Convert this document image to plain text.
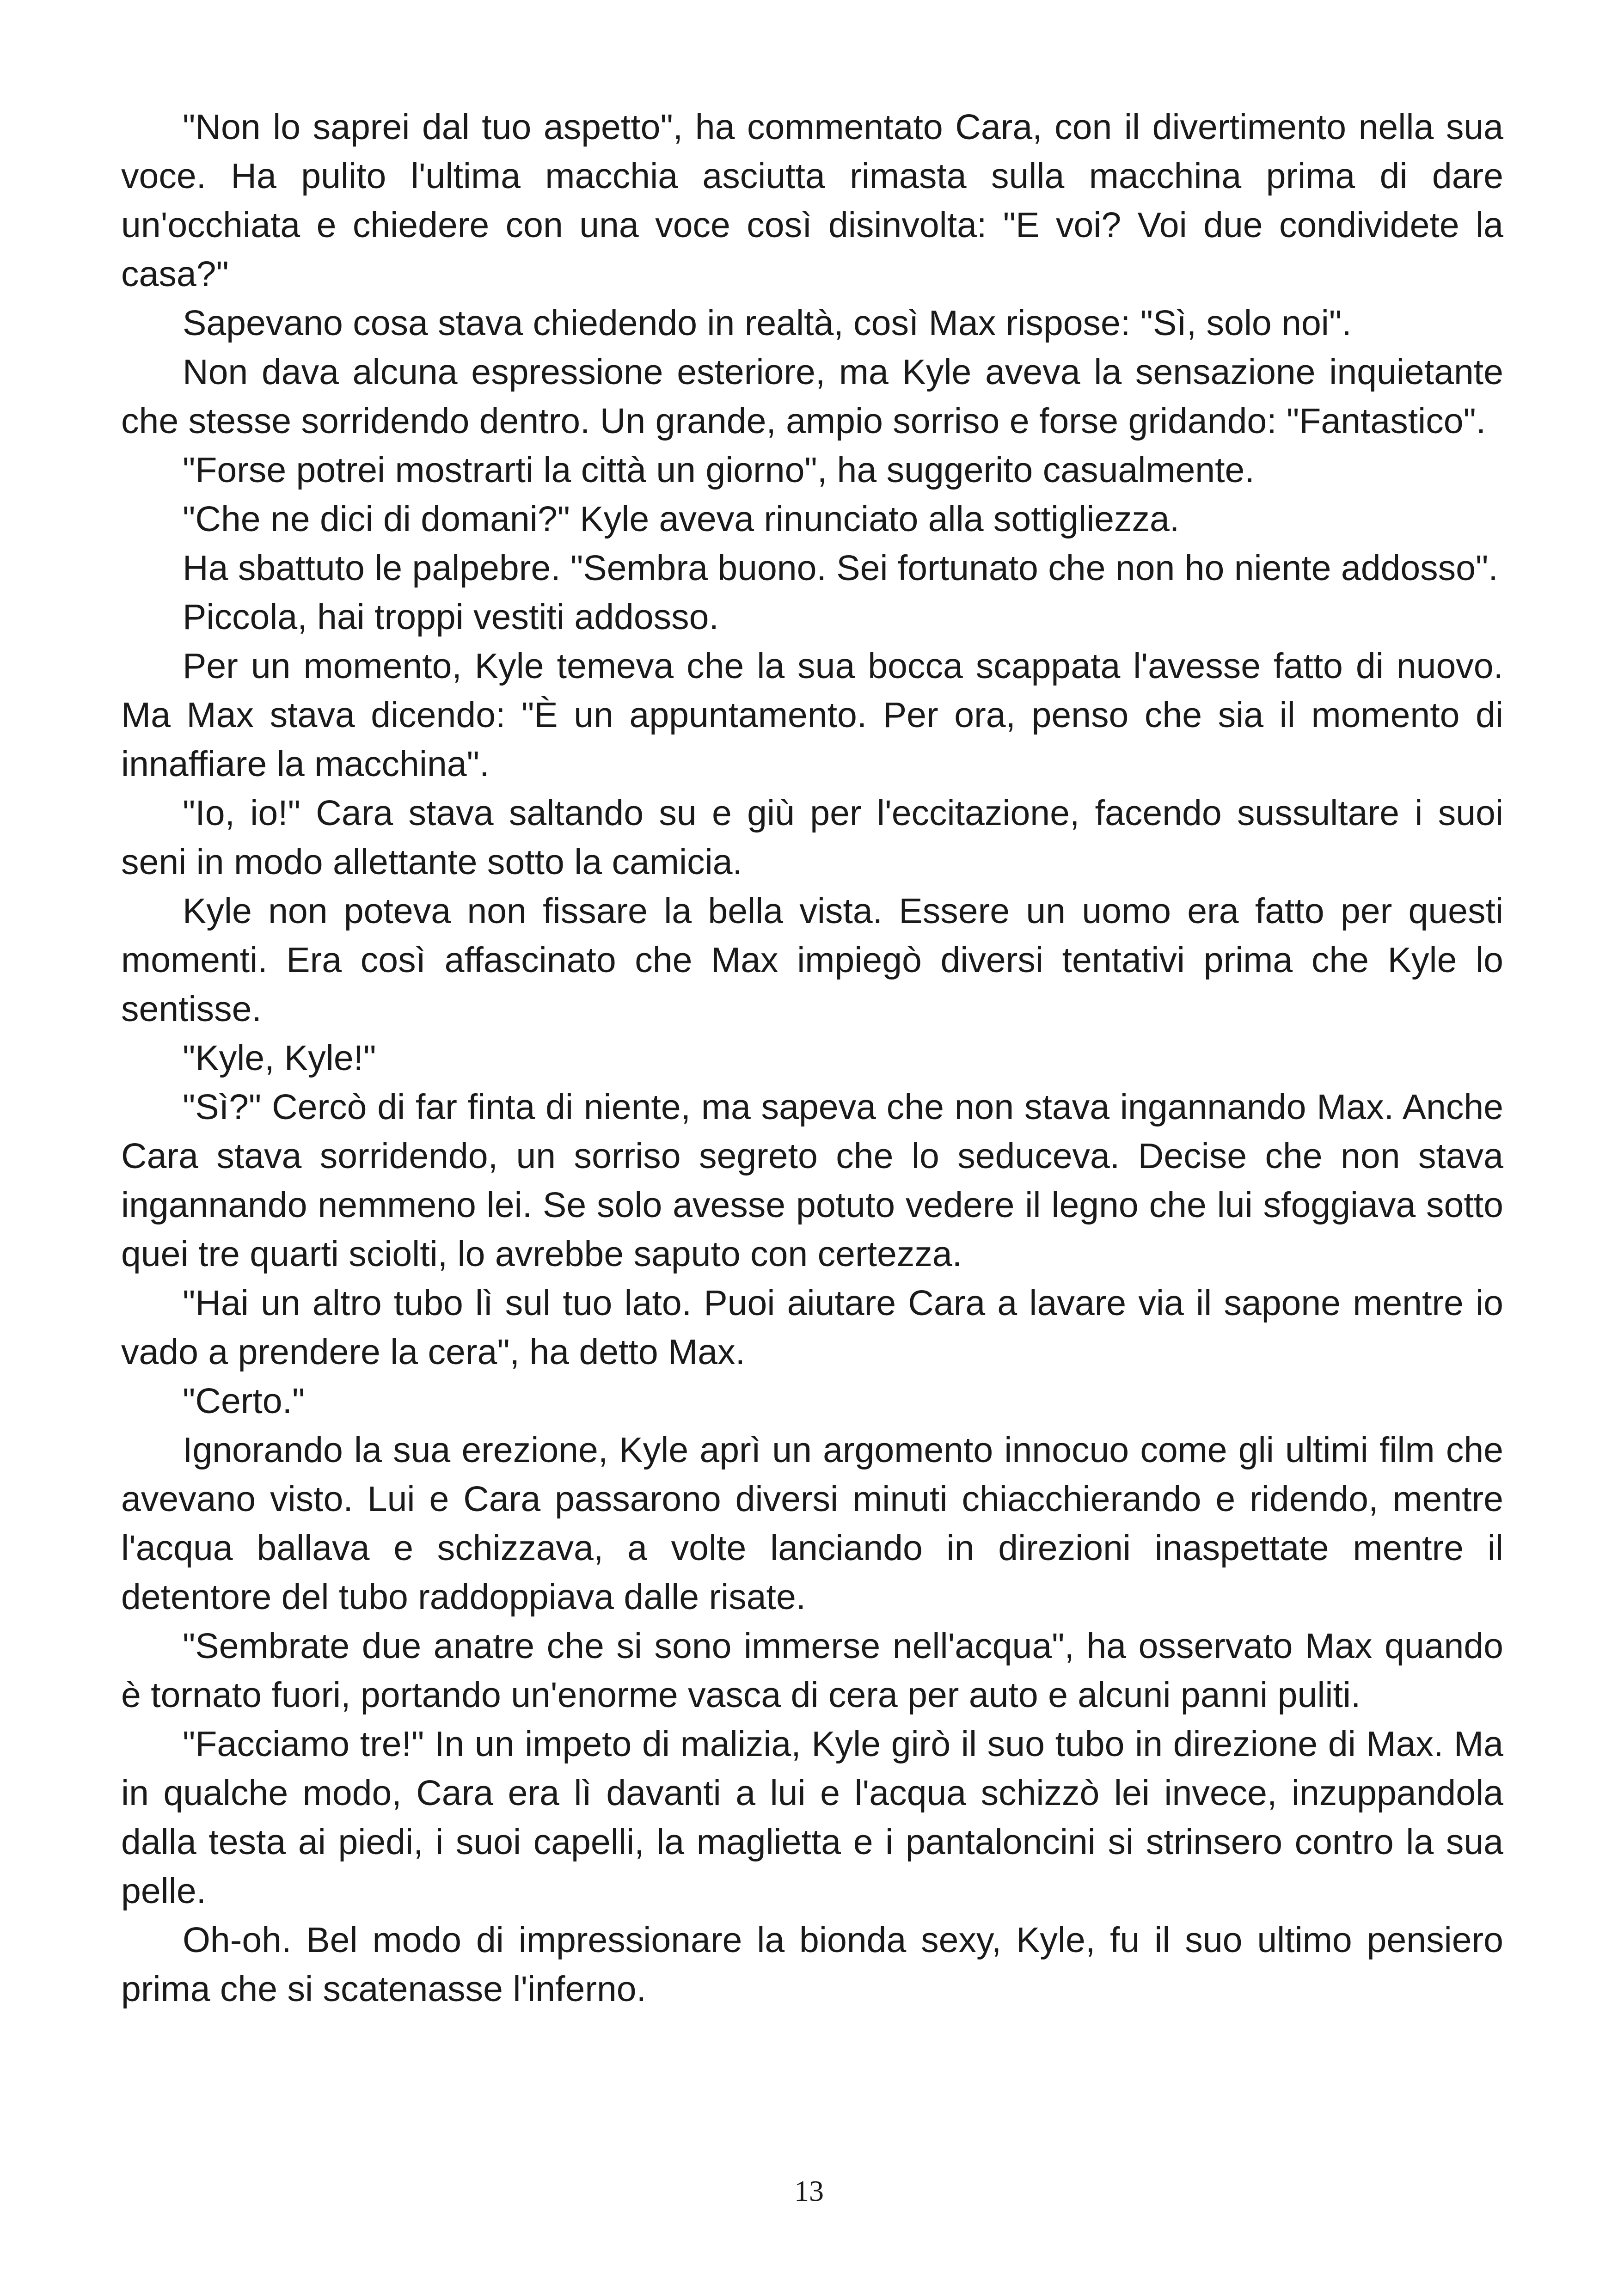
"Non lo saprei dal tuo aspetto", ha commentato Cara, con il divertimento nella sua voce. Ha pulito l'ultima macchia asciutta rimasta sulla macchina prima di dare un'occhiata e chiedere con una voce così disinvolta: "E voi? Voi due condividete la casa?"

Sapevano cosa stava chiedendo in realtà, così Max rispose: "Sì, solo noi".

Non dava alcuna espressione esteriore, ma Kyle aveva la sensazione inquietante che stesse sorridendo dentro. Un grande, ampio sorriso e forse gridando: "Fantastico".

"Forse potrei mostrarti la città un giorno", ha suggerito casualmente.

"Che ne dici di domani?" Kyle aveva rinunciato alla sottigliezza.

Ha sbattuto le palpebre. "Sembra buono. Sei fortunato che non ho niente addosso".

Piccola, hai troppi vestiti addosso.

Per un momento, Kyle temeva che la sua bocca scappata l'avesse fatto di nuovo. Ma Max stava dicendo: "È un appuntamento. Per ora, penso che sia il momento di innaffiare la macchina".

"Io, io!" Cara stava saltando su e giù per l'eccitazione, facendo sussultare i suoi seni in modo allettante sotto la camicia.

Kyle non poteva non fissare la bella vista. Essere un uomo era fatto per questi momenti. Era così affascinato che Max impiegò diversi tentativi prima che Kyle lo sentisse.

"Kyle, Kyle!"

"Sì?" Cercò di far finta di niente, ma sapeva che non stava ingannando Max. Anche Cara stava sorridendo, un sorriso segreto che lo seduceva. Decise che non stava ingannando nemmeno lei. Se solo avesse potuto vedere il legno che lui sfoggiava sotto quei tre quarti sciolti, lo avrebbe saputo con certezza.

"Hai un altro tubo lì sul tuo lato. Puoi aiutare Cara a lavare via il sapone mentre io vado a prendere la cera", ha detto Max.

"Certo."

Ignorando la sua erezione, Kyle aprì un argomento innocuo come gli ultimi film che avevano visto. Lui e Cara passarono diversi minuti chiacchierando e ridendo, mentre l'acqua ballava e schizzava, a volte lanciando in direzioni inaspettate mentre il detentore del tubo raddoppiava dalle risate.

"Sembrate due anatre che si sono immerse nell'acqua", ha osservato Max quando è tornato fuori, portando un'enorme vasca di cera per auto e alcuni panni puliti.

"Facciamo tre!" In un impeto di malizia, Kyle girò il suo tubo in direzione di Max. Ma in qualche modo, Cara era lì davanti a lui e l'acqua schizzò lei invece, inzuppandola dalla testa ai piedi, i suoi capelli, la maglietta e i pantaloncini si strinsero contro la sua pelle.

Oh-oh. Bel modo di impressionare la bionda sexy, Kyle, fu il suo ultimo pensiero prima che si scatenasse l'inferno.

13
